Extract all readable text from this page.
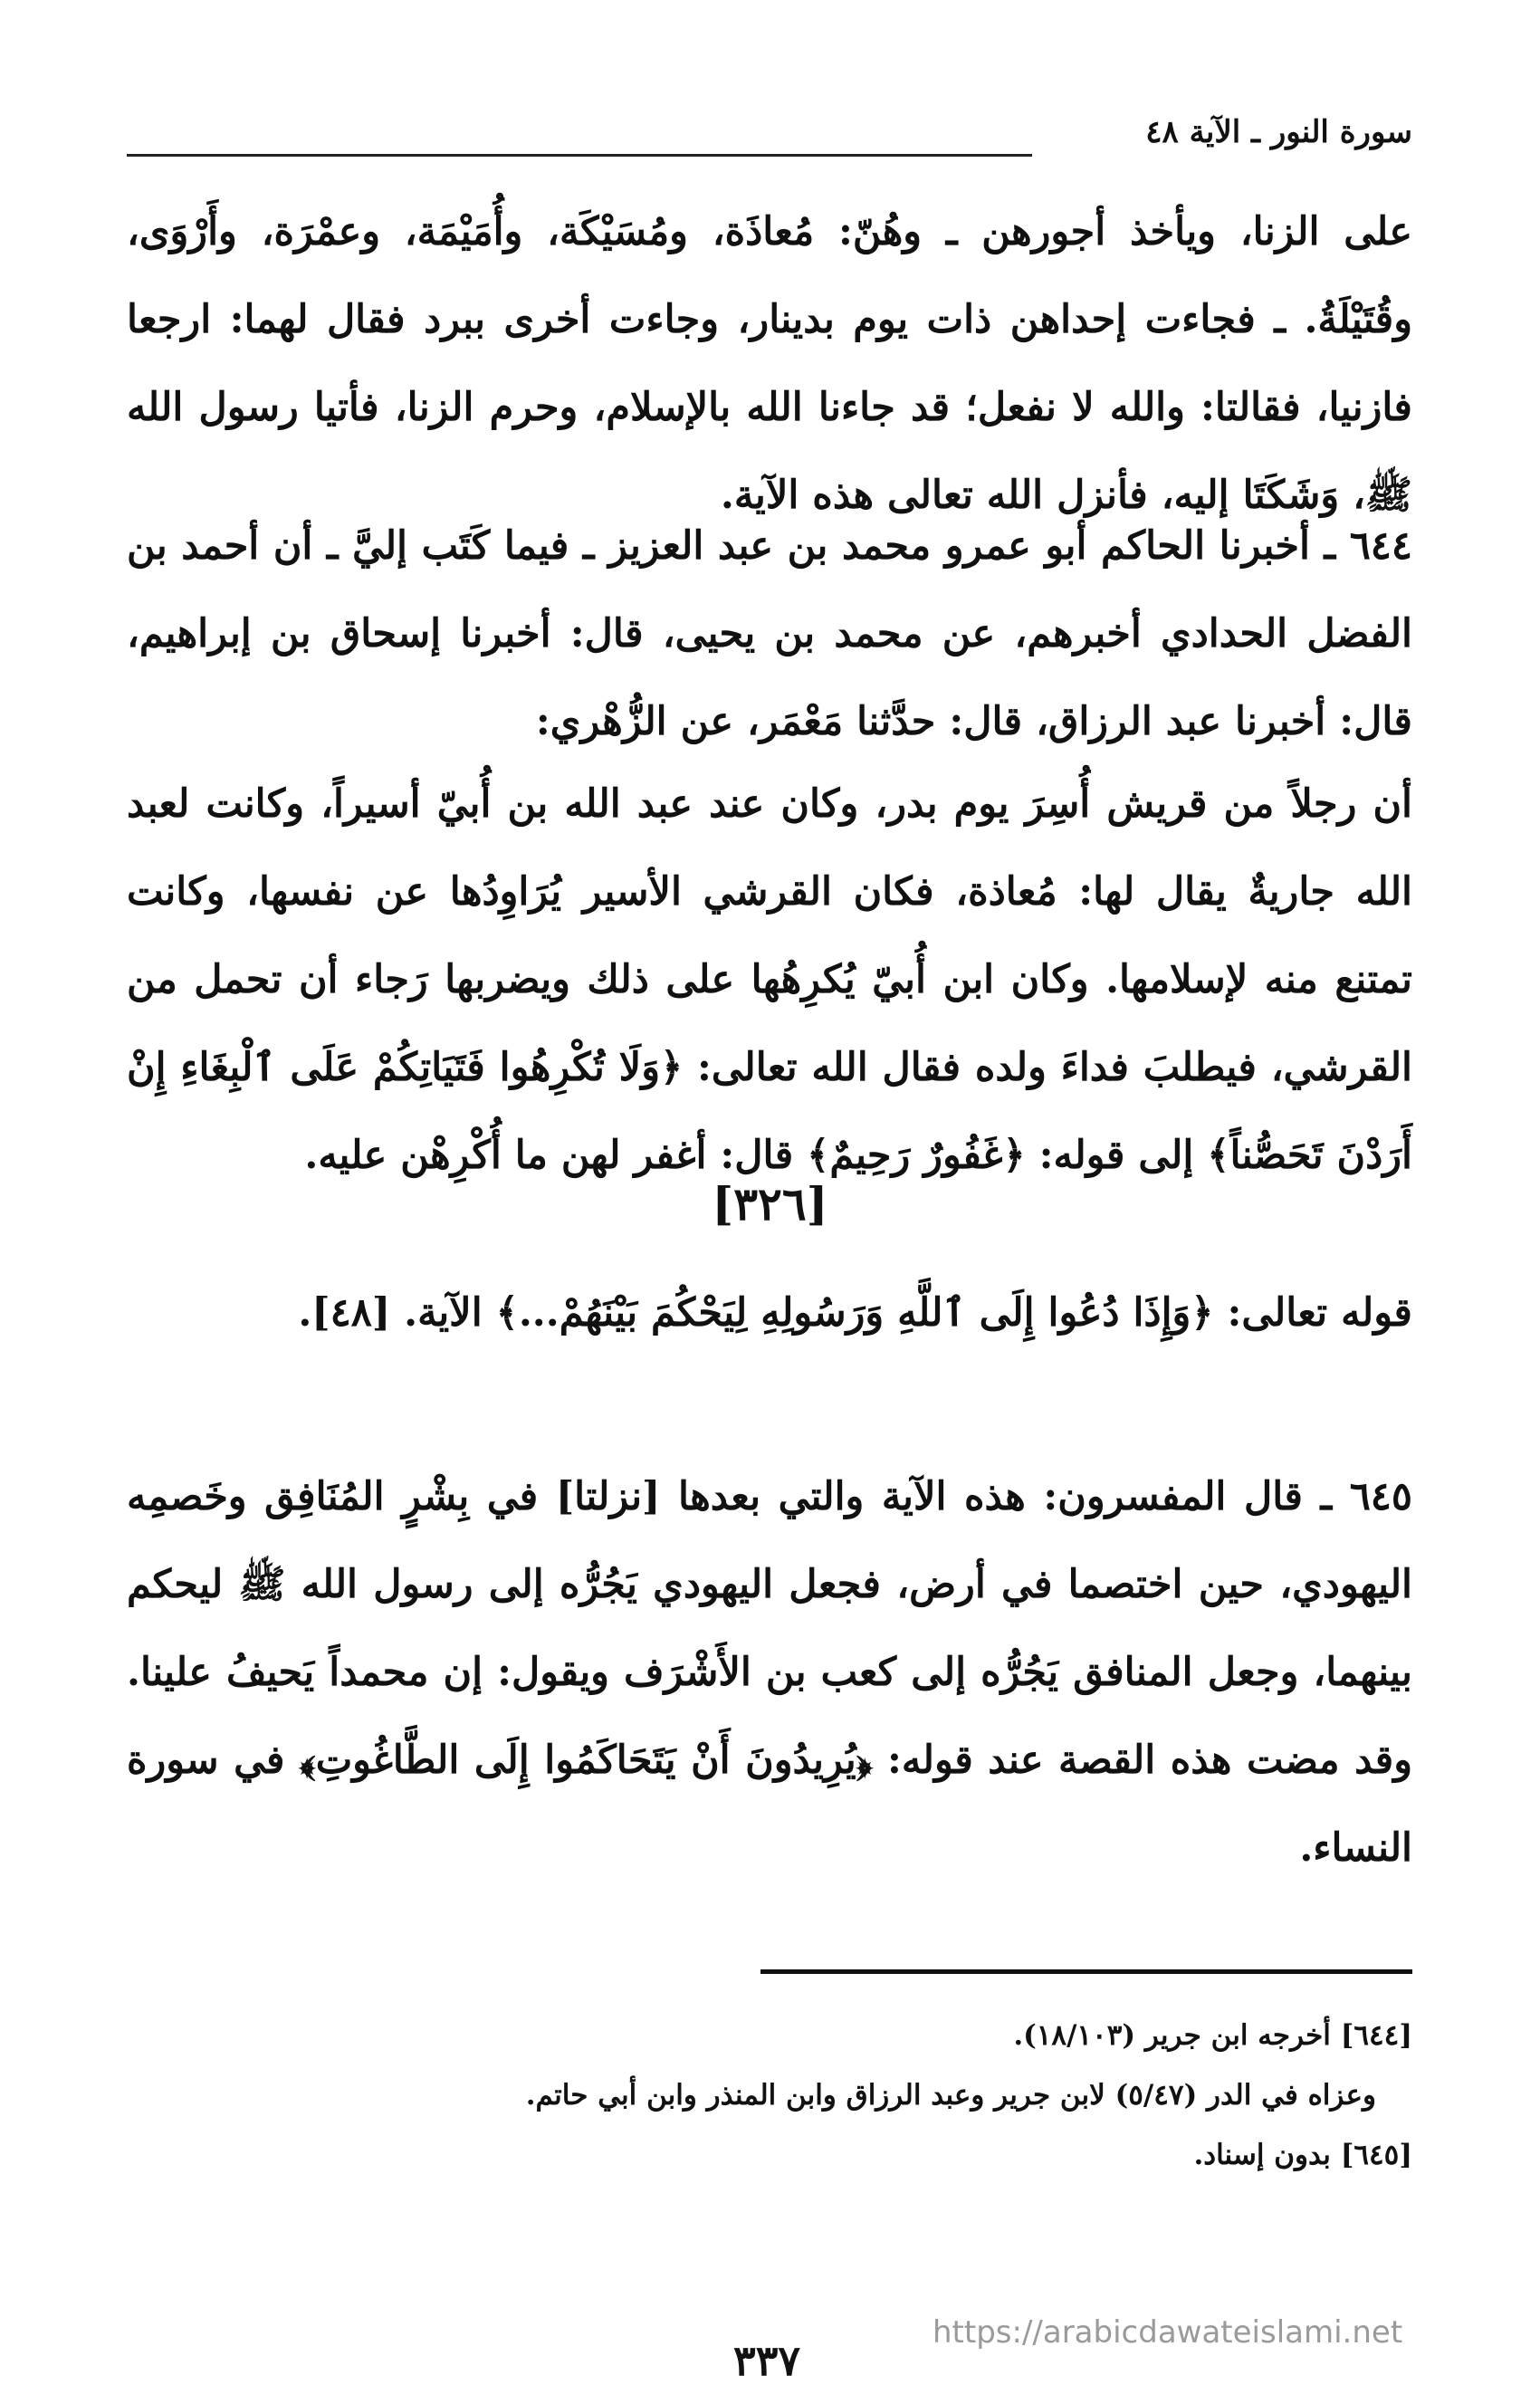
سورة النور ـ الآية ٤٨

على الزنا، ويأخذ أجورهن ـ وهُنّ: مُعاذَة، ومُسَيْكَة، وأُمَيْمَة، وعمْرَة، وأَرْوَى، وقُتَيْلَةُ. ـ فجاءت إحداهن ذات يوم بدينار، وجاءت أخرى ببرد فقال لهما: ارجعا فازنيا، فقالتا: والله لا نفعل؛ قد جاءنا الله بالإسلام، وحرم الزنا، فأتيا رسول الله ﷺ، وَشَكَتَا إليه، فأنزل الله تعالى هذه الآية.

٦٤٤ ـ أخبرنا الحاكم أبو عمرو محمد بن عبد العزيز ـ فيما كَتَب إليَّ ـ أن أحمد بن الفضل الحدادي أخبرهم، عن محمد بن يحيى، قال: أخبرنا إسحاق بن إبراهيم، قال: أخبرنا عبد الرزاق، قال: حدَّثنا مَعْمَر، عن الزُّهْري:

أن رجلاً من قريش أُسِرَ يوم بدر، وكان عند عبد الله بن أُبيّ أسيراً، وكانت لعبد الله جاريةٌ يقال لها: مُعاذة، فكان القرشي الأسير يُرَاوِدُها عن نفسها، وكانت تمتنع منه لإسلامها. وكان ابن أُبيّ يُكرِهُها على ذلك ويضربها رَجاء أن تحمل من القرشي، فيطلبَ فداءَ ولده فقال الله تعالى: ﴿وَلَا تُكْرِهُوا فَتَيَاتِكُمْ عَلَى ٱلْبِغَاءِ إِنْ أَرَدْنَ تَحَصُّناً﴾ إلى قوله: ﴿غَفُورٌ رَحِيمٌ﴾ قال: أغفر لهن ما أُكْرِهْن عليه.

[٣٢٦]

قوله تعالى: ﴿وَإِذَا دُعُوا إِلَى ٱللَّهِ وَرَسُولِهِ لِيَحْكُمَ بَيْنَهُمْ...﴾ الآية. [٤٨].

٦٤٥ ـ قال المفسرون: هذه الآية والتي بعدها [نزلتا] في بِشْرٍ المُنَافِق وخَصمِه اليهودي، حين اختصما في أرض، فجعل اليهودي يَجُرُّه إلى رسول الله ﷺ ليحكم بينهما، وجعل المنافق يَجُرُّه إلى كعب بن الأَشْرَف ويقول: إن محمداً يَحيفُ علينا. وقد مضت هذه القصة عند قوله: ﴿يُرِيدُونَ أَنْ يَتَحَاكَمُوا إِلَى الطَّاغُوتِ﴾ في سورة النساء.

[٦٤٤] أخرجه ابن جرير (١٨/١٠٣).
وعزاه في الدر (٥/٤٧) لابن جرير وعبد الرزاق وابن المنذر وابن أبي حاتم.
[٦٤٥] بدون إسناد.
https://arabicdawateislami.net
٣٣٧
